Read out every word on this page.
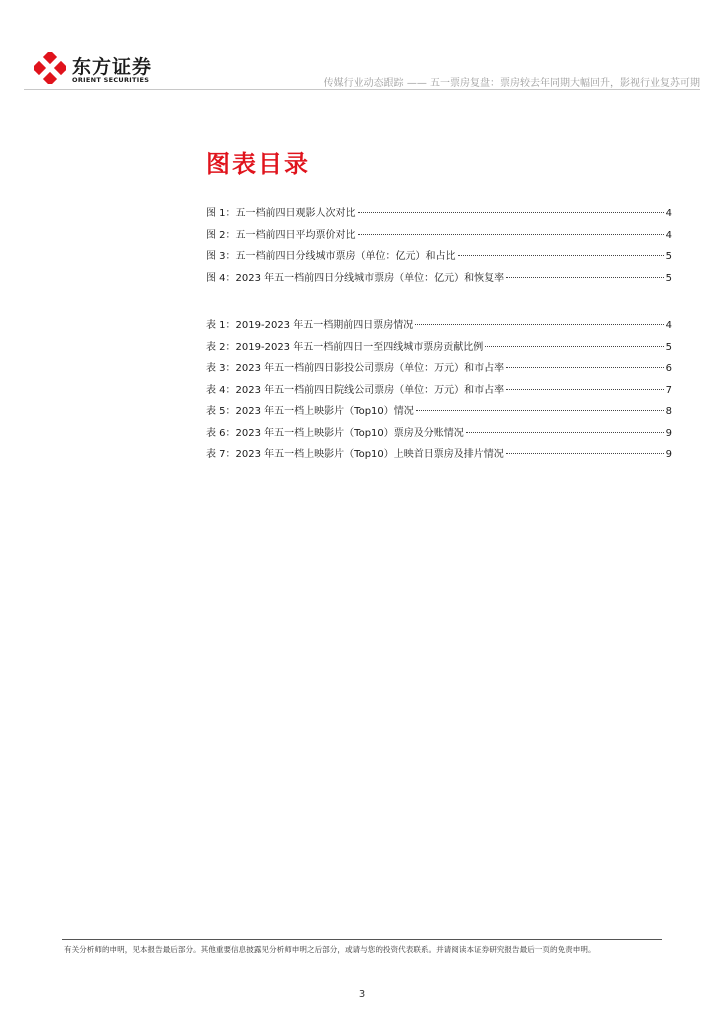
东方证券
ORIENT SECURITIES	传媒行业动态跟踪 —— 五一票房复盘：票房较去年同期大幅回升，影视行业复苏可期
图表目录
图 1：五一档前四日观影人次对比	4
图 2：五一档前四日平均票价对比	4
图 3：五一档前四日分线城市票房（单位：亿元）和占比	5
图 4：2023 年五一档前四日分线城市票房（单位：亿元）和恢复率	5
表 1：2019-2023 年五一档期前四日票房情况	4
表 2：2019-2023 年五一档前四日一至四线城市票房贡献比例	5
表 3：2023 年五一档前四日影投公司票房（单位：万元）和市占率	6
表 4：2023 年五一档前四日院线公司票房（单位：万元）和市占率	7
表 5：2023 年五一档上映影片（Top10）情况	8
表 6：2023 年五一档上映影片（Top10）票房及分账情况	9
表 7：2023 年五一档上映影片（Top10）上映首日票房及排片情况	9
有关分析师的申明，见本报告最后部分。其他重要信息披露见分析师申明之后部分，或请与您的投资代表联系。并请阅读本证券研究报告最后一页的免责申明。
3
